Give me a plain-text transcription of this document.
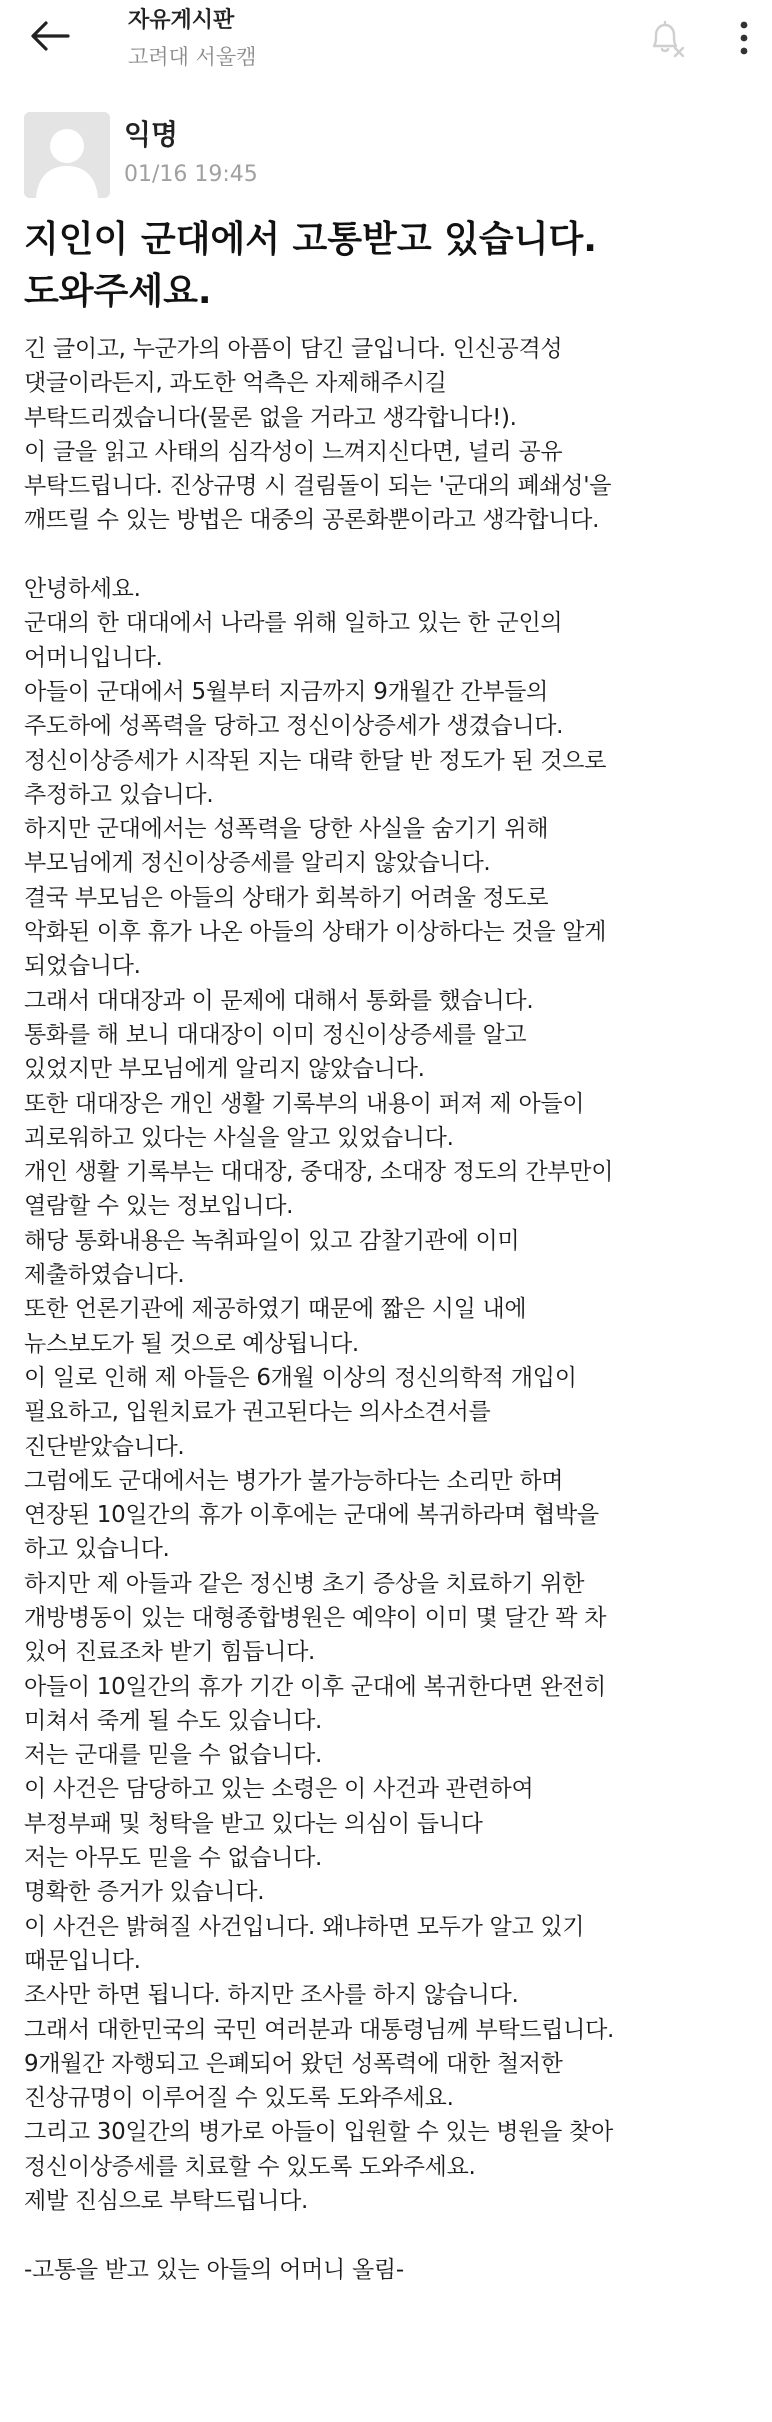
자유게시판
고려대 서울캠
익명
01/16 19:45
지인이 군대에서 고통받고 있습니다.
도와주세요.
긴 글이고, 누군가의 아픔이 담긴 글입니다. 인신공격성
댓글이라든지, 과도한 억측은 자제해주시길
부탁드리겠습니다(물론 없을 거라고 생각합니다!).
이 글을 읽고 사태의 심각성이 느껴지신다면, 널리 공유
부탁드립니다. 진상규명 시 걸림돌이 되는 '군대의 폐쇄성'을
깨뜨릴 수 있는 방법은 대중의 공론화뿐이라고 생각합니다.
안녕하세요.
군대의 한 대대에서 나라를 위해 일하고 있는 한 군인의
어머니입니다.
아들이 군대에서 5월부터 지금까지 9개월간 간부들의
주도하에 성폭력을 당하고 정신이상증세가 생겼습니다.
정신이상증세가 시작된 지는 대략 한달 반 정도가 된 것으로
추정하고 있습니다.
하지만 군대에서는 성폭력을 당한 사실을 숨기기 위해
부모님에게 정신이상증세를 알리지 않았습니다.
결국 부모님은 아들의 상태가 회복하기 어려울 정도로
악화된 이후 휴가 나온 아들의 상태가 이상하다는 것을 알게
되었습니다.
그래서 대대장과 이 문제에 대해서 통화를 했습니다.
통화를 해 보니 대대장이 이미 정신이상증세를 알고
있었지만 부모님에게 알리지 않았습니다.
또한 대대장은 개인 생활 기록부의 내용이 퍼져 제 아들이
괴로워하고 있다는 사실을 알고 있었습니다.
개인 생활 기록부는 대대장, 중대장, 소대장 정도의 간부만이
열람할 수 있는 정보입니다.
해당 통화내용은 녹취파일이 있고 감찰기관에 이미
제출하였습니다.
또한 언론기관에 제공하였기 때문에 짧은 시일 내에
뉴스보도가 될 것으로 예상됩니다.
이 일로 인해 제 아들은 6개월 이상의 정신의학적 개입이
필요하고, 입원치료가 권고된다는 의사소견서를
진단받았습니다.
그럼에도 군대에서는 병가가 불가능하다는 소리만 하며
연장된 10일간의 휴가 이후에는 군대에 복귀하라며 협박을
하고 있습니다.
하지만 제 아들과 같은 정신병 초기 증상을 치료하기 위한
개방병동이 있는 대형종합병원은 예약이 이미 몇 달간 꽉 차
있어 진료조차 받기 힘듭니다.
아들이 10일간의 휴가 기간 이후 군대에 복귀한다면 완전히
미쳐서 죽게 될 수도 있습니다.
저는 군대를 믿을 수 없습니다.
이 사건은 담당하고 있는 소령은 이 사건과 관련하여
부정부패 및 청탁을 받고 있다는 의심이 듭니다
저는 아무도 믿을 수 없습니다.
명확한 증거가 있습니다.
이 사건은 밝혀질 사건입니다. 왜냐하면 모두가 알고 있기
때문입니다.
조사만 하면 됩니다. 하지만 조사를 하지 않습니다.
그래서 대한민국의 국민 여러분과 대통령님께 부탁드립니다.
9개월간 자행되고 은폐되어 왔던 성폭력에 대한 철저한
진상규명이 이루어질 수 있도록 도와주세요.
그리고 30일간의 병가로 아들이 입원할 수 있는 병원을 찾아
정신이상증세를 치료할 수 있도록 도와주세요.
제발 진심으로 부탁드립니다.
-고통을 받고 있는 아들의 어머니 올림-
